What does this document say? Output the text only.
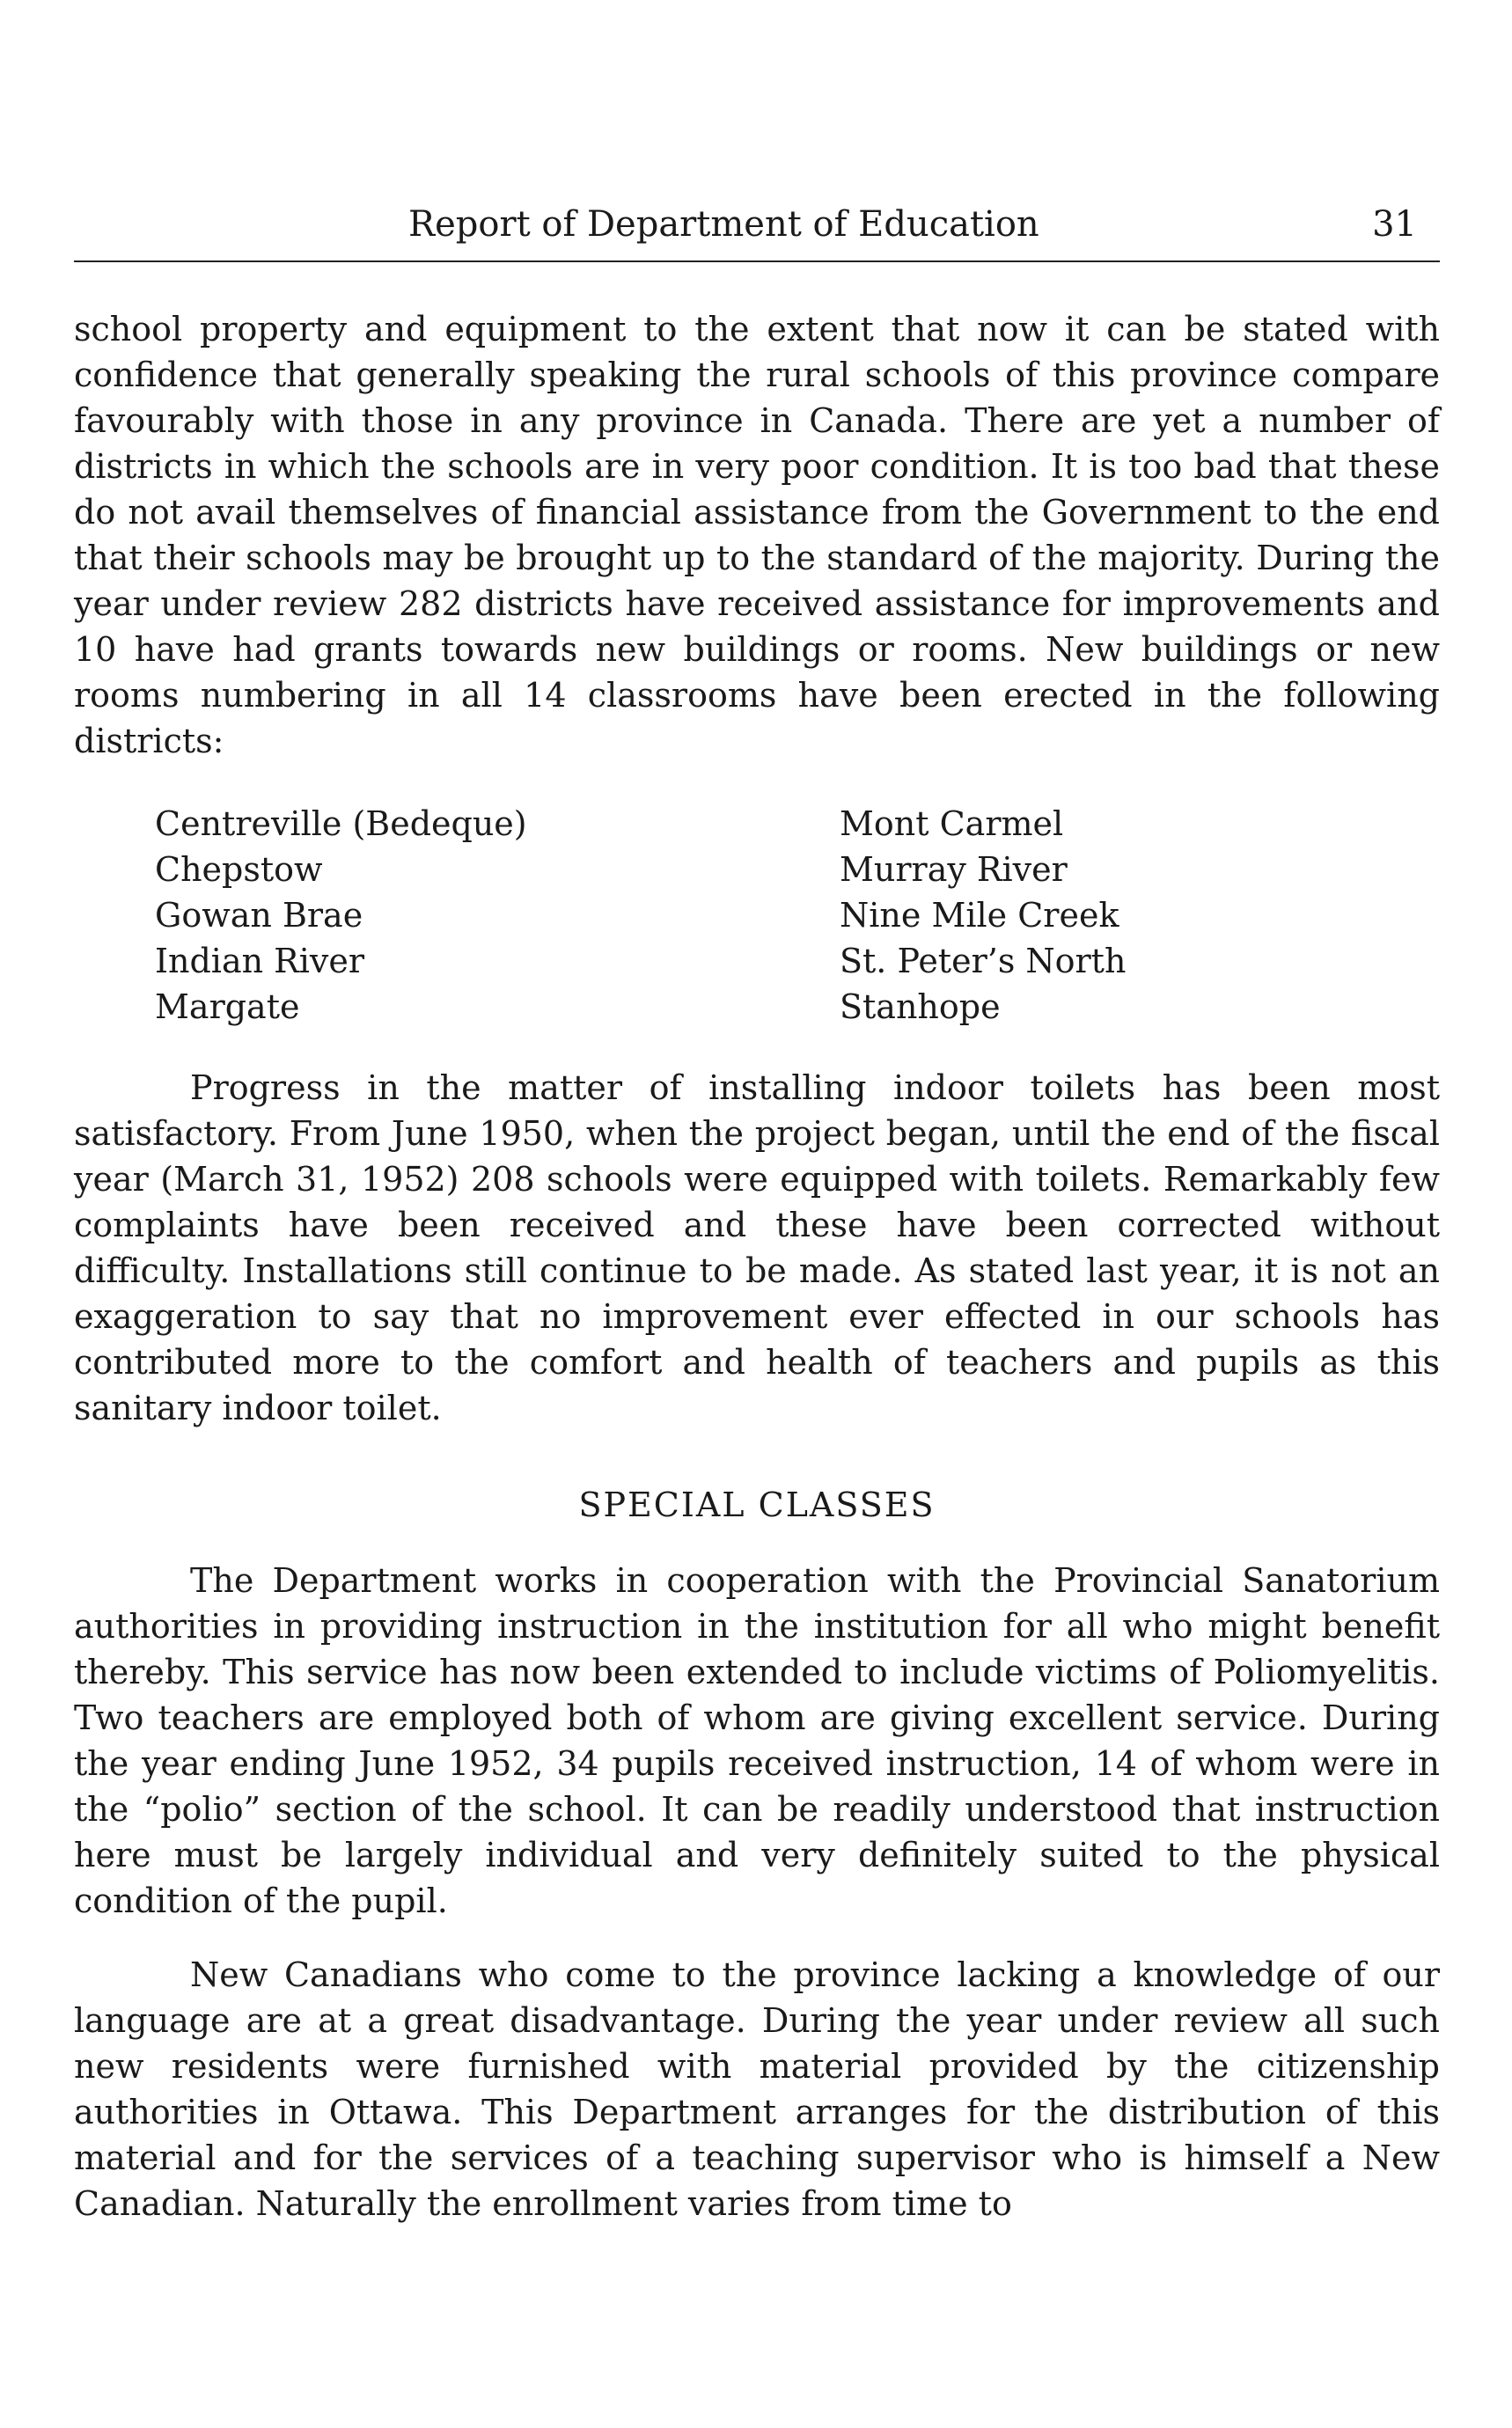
Report of Department of Education	31

school property and equipment to the extent that now it can be stated with confidence that generally speaking the rural schools of this province compare favourably with those in any province in Canada. There are yet a number of districts in which the schools are in very poor condition. It is too bad that these do not avail themselves of financial assistance from the Government to the end that their schools may be brought up to the standard of the majority. During the year under review 282 districts have received assistance for improvements and 10 have had grants towards new buildings or rooms. New buildings or new rooms numbering in all 14 classrooms have been erected in the following districts:

Centreville (Bedeque)
Chepstow
Gowan Brae
Indian River
Margate
Mont Carmel
Murray River
Nine Mile Creek
St. Peter’s North
Stanhope

Progress in the matter of installing indoor toilets has been most satisfactory. From June 1950, when the project began, until the end of the fiscal year (March 31, 1952) 208 schools were equipped with toilets. Remarkably few complaints have been received and these have been corrected without difficulty. Installations still continue to be made. As stated last year, it is not an exaggeration to say that no improvement ever effected in our schools has contributed more to the comfort and health of teachers and pupils as this sanitary indoor toilet.

SPECIAL CLASSES

The Department works in cooperation with the Provincial Sanatorium authorities in providing instruction in the institution for all who might benefit thereby. This service has now been extended to include victims of Poliomyelitis. Two teachers are employed both of whom are giving excellent service. During the year ending June 1952, 34 pupils received instruction, 14 of whom were in the “polio” section of the school. It can be readily understood that instruction here must be largely individual and very definitely suited to the physical condition of the pupil.

New Canadians who come to the province lacking a knowledge of our language are at a great disadvantage. During the year under review all such new residents were furnished with material provided by the citizenship authorities in Ottawa. This Department arranges for the distribution of this material and for the services of a teaching supervisor who is himself a New Canadian. Naturally the enrollment varies from time to
